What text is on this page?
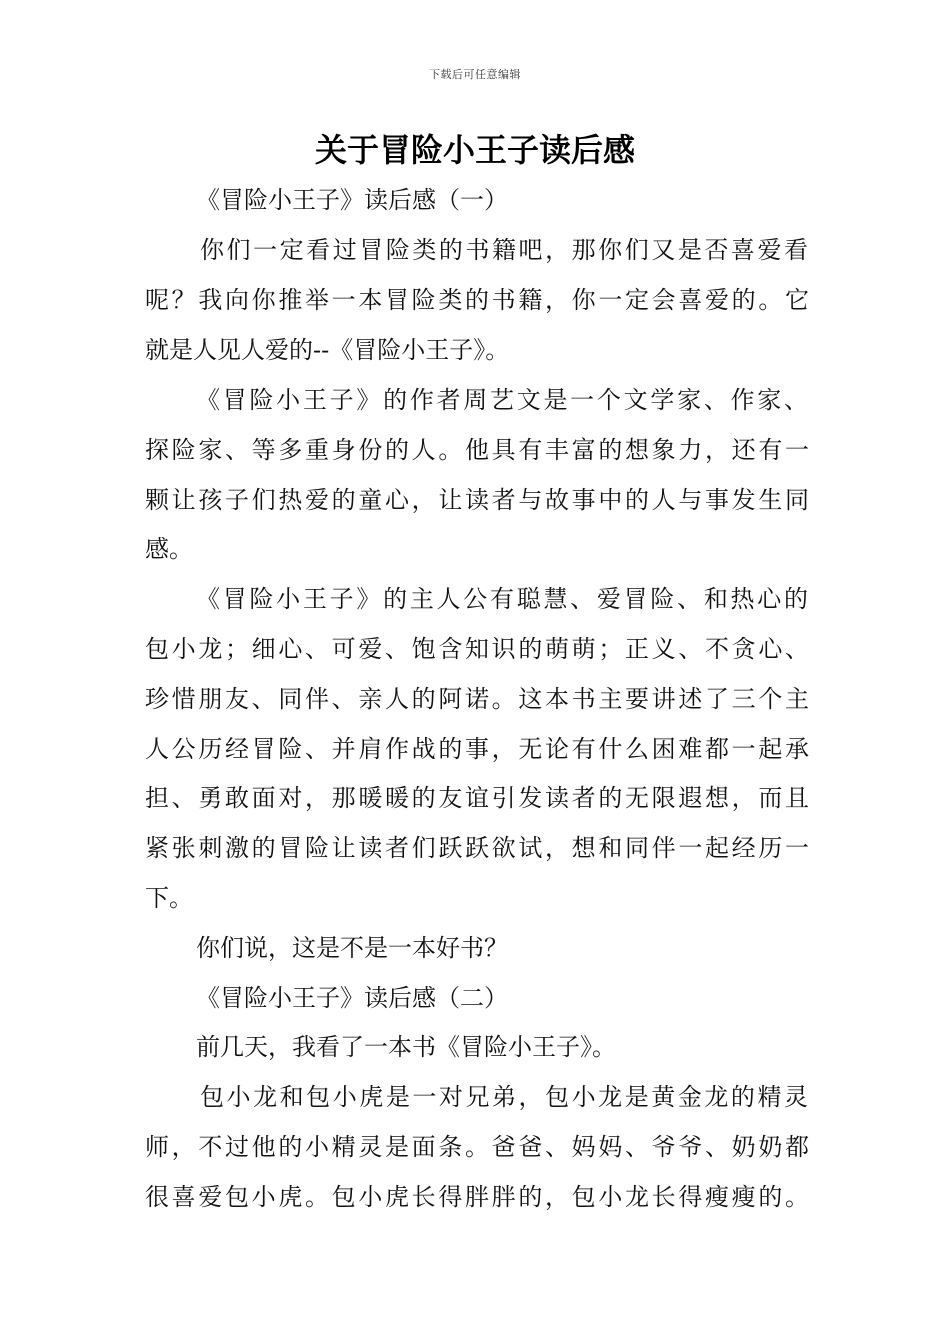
下载后可任意编辑
关于冒险小王子读后感
《冒险小王子》读后感（一）
你们一定看过冒险类的书籍吧，那你们又是否喜爱看
呢？我向你推举一本冒险类的书籍，你一定会喜爱的。它
就是人见人爱的--《冒险小王子》。
《冒险小王子》的作者周艺文是一个文学家、作家、
探险家、等多重身份的人。他具有丰富的想象力，还有一
颗让孩子们热爱的童心，让读者与故事中的人与事发生同
感。
《冒险小王子》的主人公有聪慧、爱冒险、和热心的
包小龙；细心、可爱、饱含知识的萌萌；正义、不贪心、
珍惜朋友、同伴、亲人的阿诺。这本书主要讲述了三个主
人公历经冒险、并肩作战的事，无论有什么困难都一起承
担、勇敢面对，那暖暖的友谊引发读者的无限遐想，而且
紧张刺激的冒险让读者们跃跃欲试，想和同伴一起经历一
下。
你们说，这是不是一本好书？
《冒险小王子》读后感（二）
前几天，我看了一本书《冒险小王子》。
包小龙和包小虎是一对兄弟，包小龙是黄金龙的精灵
师，不过他的小精灵是面条。爸爸、妈妈、爷爷、奶奶都
很喜爱包小虎。包小虎长得胖胖的，包小龙长得瘦瘦的。
